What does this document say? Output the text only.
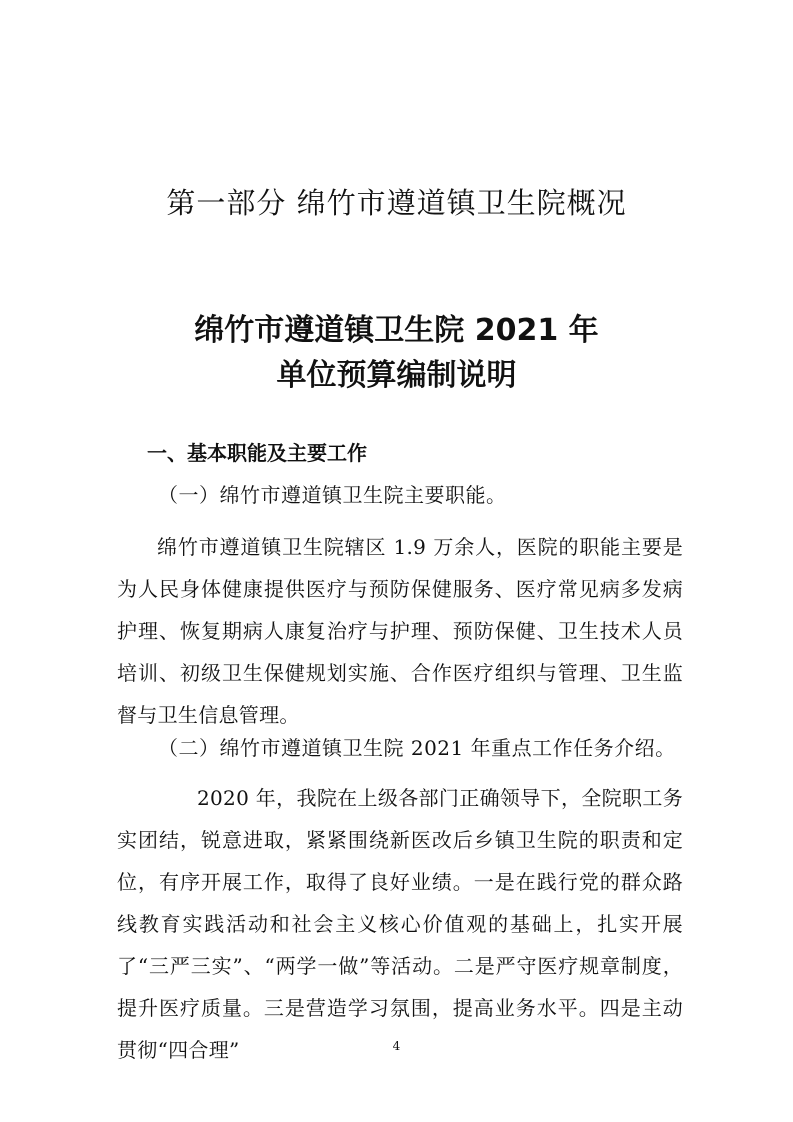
第一部分 绵竹市遵道镇卫生院概况
绵竹市遵道镇卫生院 2021 年
单位预算编制说明
一、基本职能及主要工作
（一）绵竹市遵道镇卫生院主要职能。
绵竹市遵道镇卫生院辖区 1.9 万余人，医院的职能主要是为人民身体健康提供医疗与预防保健服务、医疗常见病多发病护理、恢复期病人康复治疗与护理、预防保健、卫生技术人员培训、初级卫生保健规划实施、合作医疗组织与管理、卫生监督与卫生信息管理。
（二）绵竹市遵道镇卫生院 2021 年重点工作任务介绍。
2020 年，我院在上级各部门正确领导下，全院职工务实团结，锐意进取，紧紧围绕新医改后乡镇卫生院的职责和定位，有序开展工作，取得了良好业绩。一是在践行党的群众路线教育实践活动和社会主义核心价值观的基础上，扎实开展了“三严三实”、“两学一做”等活动。二是严守医疗规章制度，提升医疗质量。三是营造学习氛围，提高业务水平。四是主动贯彻“四合理”	4
